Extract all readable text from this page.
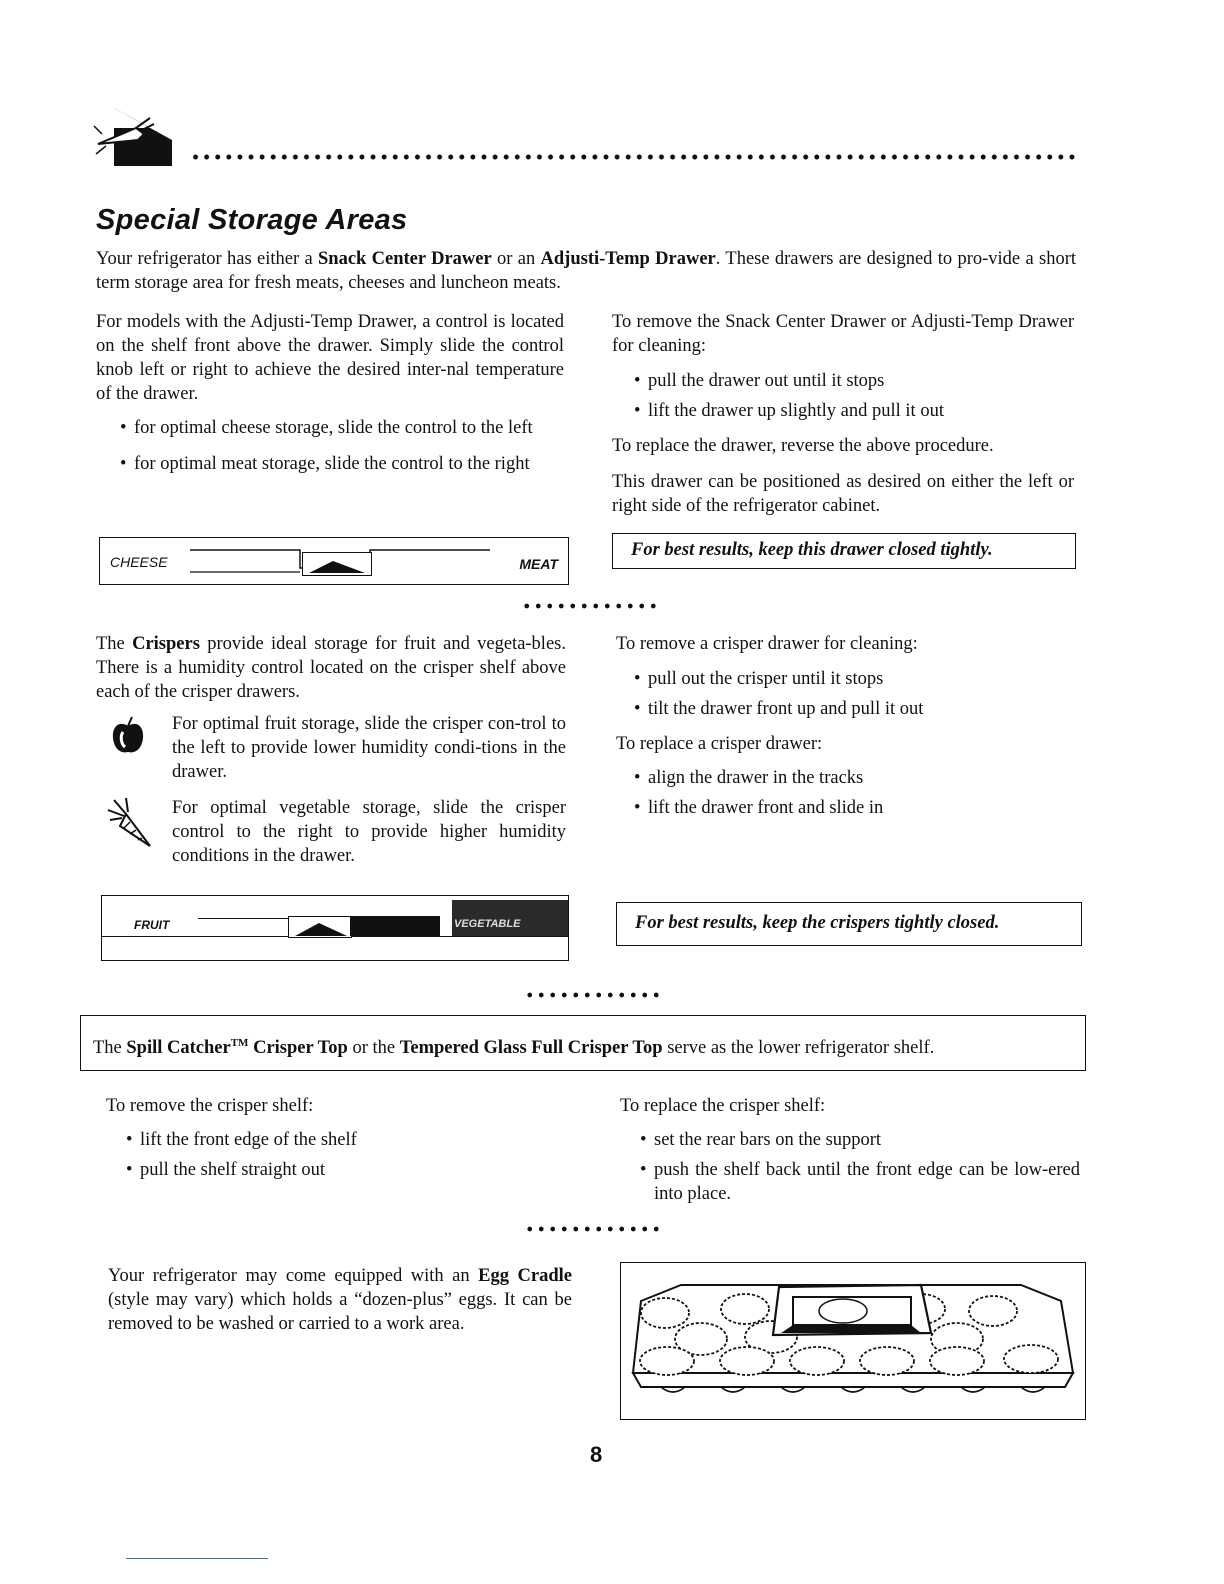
Special Storage Areas

Your refrigerator has either a Snack Center Drawer or an Adjusti-Temp Drawer. These drawers are designed to pro-vide a short term storage area for fresh meats, cheeses and luncheon meats.

For models with the Adjusti-Temp Drawer, a control is located on the shelf front above the drawer. Simply slide the control knob left or right to achieve the desired inter-nal temperature of the drawer.

• for optimal cheese storage, slide the control to the left
• for optimal meat storage, slide the control to the right
CHEESE	MEAT

To remove the Snack Center Drawer or Adjusti-Temp Drawer for cleaning:

• pull the drawer out until it stops
• lift the drawer up slightly and pull it out

To replace the drawer, reverse the above procedure.

This drawer can be positioned as desired on either the left or right side of the refrigerator cabinet.

For best results, keep this drawer closed tightly.

The Crispers provide ideal storage for fruit and vegeta-bles. There is a humidity control located on the crisper shelf above each of the crisper drawers.

For optimal fruit storage, slide the crisper con-trol to the left to provide lower humidity condi-tions in the drawer.

For optimal vegetable storage, slide the crisper control to the right to provide higher humidity conditions in the drawer.

FRUIT	VEGETABLE

To remove a crisper drawer for cleaning:

• pull out the crisper until it stops
• tilt the drawer front up and pull it out

To replace a crisper drawer:

• align the drawer in the tracks
• lift the drawer front and slide in
For best results, keep the crispers tightly closed.

The Spill Catcher™ Crisper Top or the Tempered Glass Full Crisper Top serve as the lower refrigerator shelf.

To remove the crisper shelf:

• lift the front edge of the shelf
• pull the shelf straight out

To replace the crisper shelf:

• set the rear bars on the support
• push the shelf back until the front edge can be low-ered into place.

Your refrigerator may come equipped with an Egg Cradle (style may vary) which holds a “dozen-plus” eggs. It can be removed to be washed or carried to a work area.

8
